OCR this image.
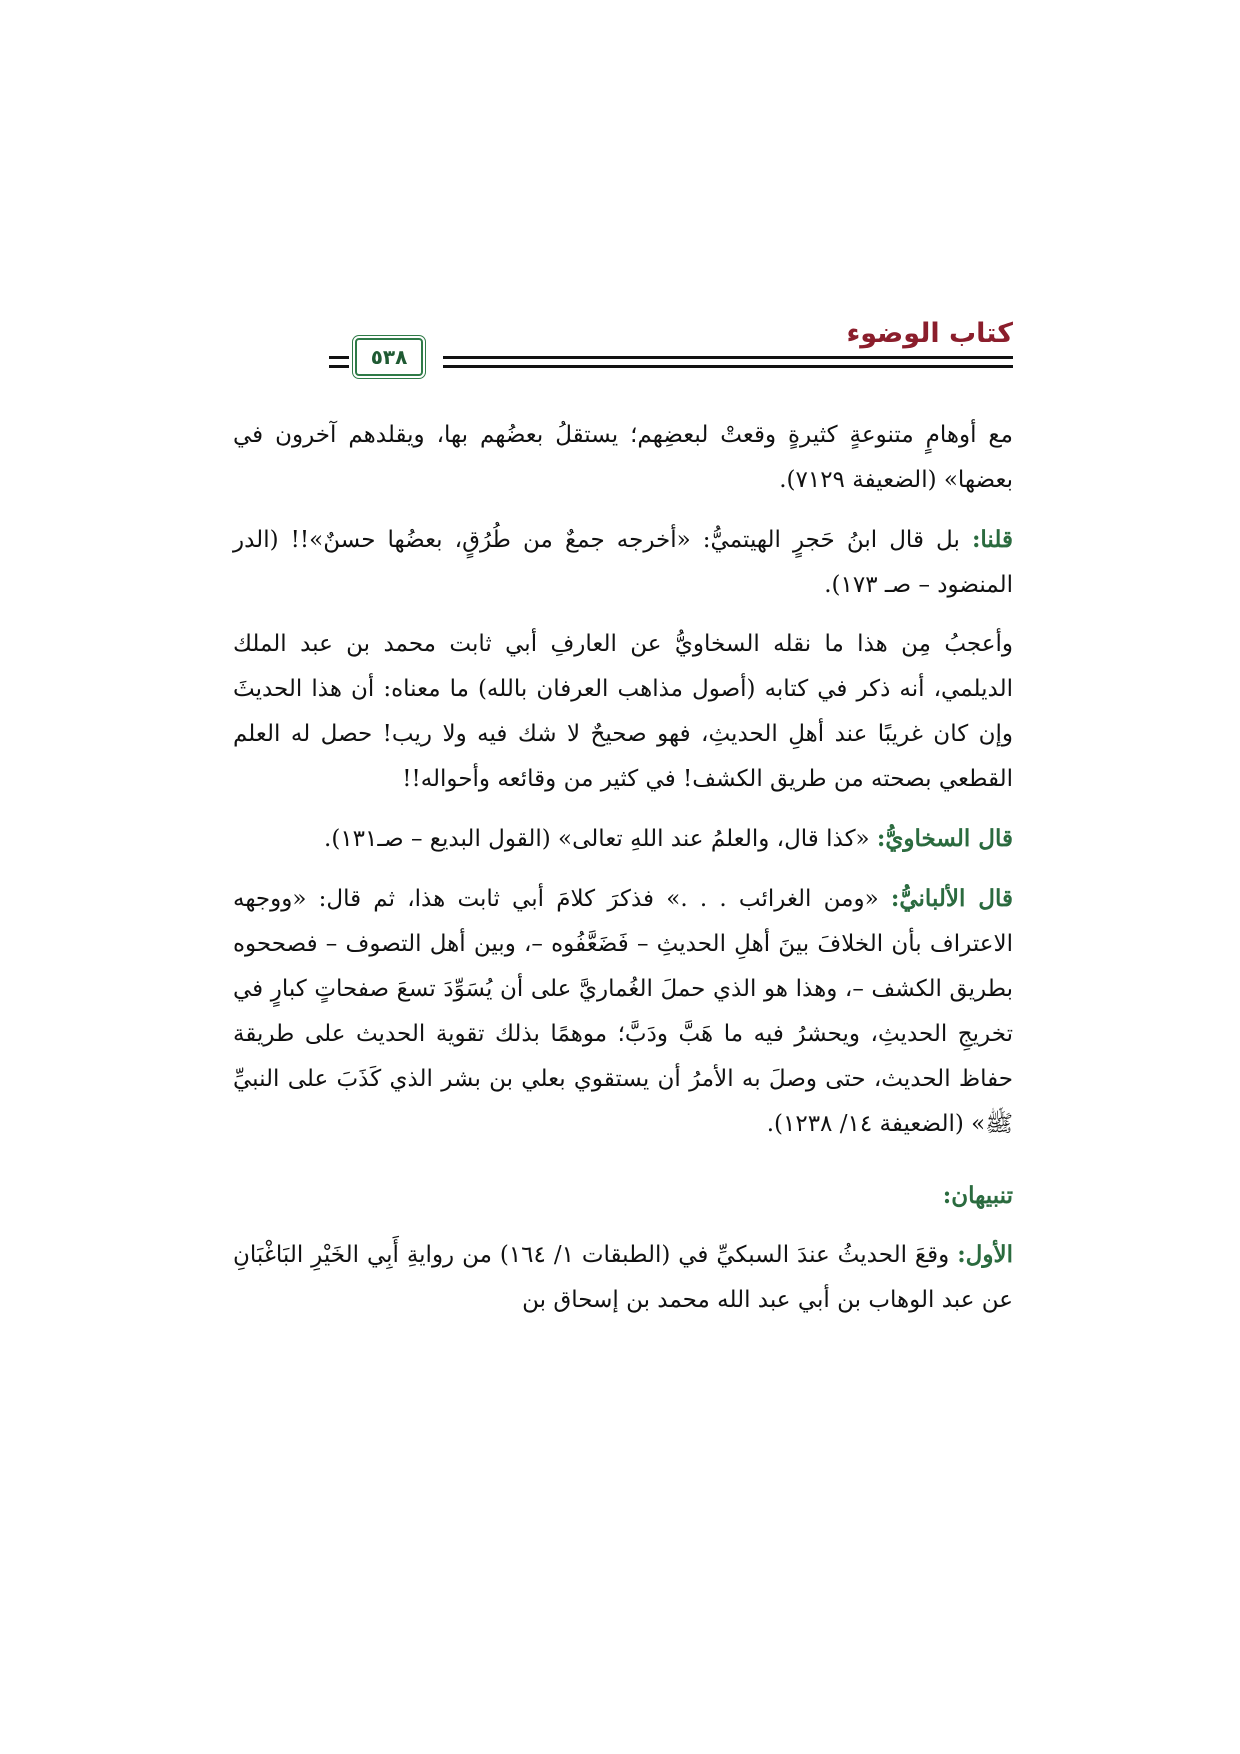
كتاب الوضوء
٥٣٨

مع أوهامٍ متنوعةٍ كثيرةٍ وقعتْ لبعضِهم؛ يستقلُ بعضُهم بها، ويقلدهم آخرون في بعضها» (الضعيفة ٧١٢٩).

قلنا: بل قال ابنُ حَجرٍ الهيتميُّ: «أخرجه جمعٌ من طُرُقٍ، بعضُها حسنٌ»!! (الدر المنضود – صـ ١٧٣).

وأعجبُ مِن هذا ما نقله السخاويُّ عن العارفِ أبي ثابت محمد بن عبد الملك الديلمي، أنه ذكر في كتابه (أصول مذاهب العرفان بالله) ما معناه: أن هذا الحديثَ وإن كان غريبًا عند أهلِ الحديثِ، فهو صحيحٌ لا شك فيه ولا ريب! حصل له العلم القطعي بصحته من طريق الكشف! في كثير من وقائعه وأحواله!!

قال السخاويُّ: «كذا قال، والعلمُ عند اللهِ تعالى» (القول البديع – صـ١٣١).

قال الألبانيُّ: «ومن الغرائب . . .» فذكرَ كلامَ أبي ثابت هذا، ثم قال: «ووجهه الاعتراف بأن الخلافَ بينَ أهلِ الحديثِ – فَضَعَّفُوه –، وبين أهل التصوف – فصححوه بطريق الكشف –، وهذا هو الذي حملَ الغُماريَّ على أن يُسَوِّدَ تسعَ صفحاتٍ كبارٍ في تخريجِ الحديثِ، ويحشرُ فيه ما هَبَّ ودَبَّ؛ موهمًا بذلك تقوية الحديث على طريقة حفاظ الحديث، حتى وصلَ به الأمرُ أن يستقوي بعلي بن بشر الذي كَذَبَ على النبيِّ ﷺ» (الضعيفة ١٤/ ١٢٣٨).

تنبيهان:

الأول: وقعَ الحديثُ عندَ السبكيِّ في (الطبقات ١/ ١٦٤) من روايةِ أَبِي الخَيْرِ البَاغْبَانِ عن عبد الوهاب بن أبي عبد الله محمد بن إسحاق بن
